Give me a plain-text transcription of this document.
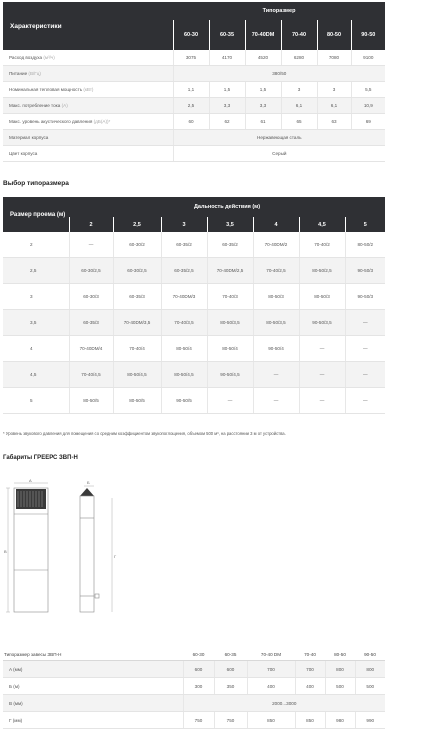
Характеристики	Типоразмер					
	60-30	60-35	70-40DM	70-40	80-50	90-50
Расход воздуха (м³/ч)	3075	4170	4520	6280	7080	9100
Питание (В/Гц)	380/50					
Номинальная тепловая мощность (кВт)	1,1	1,5	1,5	3	3	5,5
Макс. потребление тока (А)	2,5	3,3	3,3	6,1	6,1	10,9
Макс. уровень акустического давления (дБ(А))*	60	62	61	65	63	69
Материал корпуса	Нержавеющая сталь					
Цвет корпуса	Серый					
Выбор типоразмера
Размер проема (м)	Дальность действия (м)						
	2	2,5	3	3,5	4	4,5	5
2	—	60-30/2	60-35/2	60-35/2	70-40DM/2	70-40/2	80-50/2
2,5	60-30/2,5	60-30/2,5	60-35/2,5	70-40DM/2,5	70-40/2,5	80-50/2,5	90-50/3
3	60-30/3	60-35/3	70-40DM/3	70-40/3	80-50/3	80-50/3	90-50/3
3,5	60-35/3	70-40DM/3,5	70-40/3,5	80-50/3,5	80-50/3,5	90-50/3,5	—
4	70-40DM/4	70-40/4	80-50/4	80-50/4	90-50/4	—	—
4,5	70-40/4,5	80-50/4,5	80-50/4,5	90-50/4,5	—	—	—
5	80-50/5	80-50/5	90-50/5	—	—	—	—
* Уровень звукового давления для помещения со средним коэффициентом звукопоглощения, объемом 500 м³, на расстоянии 3 м от устройства.
Габариты ГРЕЕРС ЗВП-Н
В
A	Б
Г
Типоразмер завесы ЗВП-Н	60-30	60-35	70-40 DM	70-40	80-50	90-50
A (мм)	600	600	700	700	800	800
Б (м)	300	350	400	400	500	500
В (мм)	2000...3000					
Г (мм)	750	750	850	850	980	990
